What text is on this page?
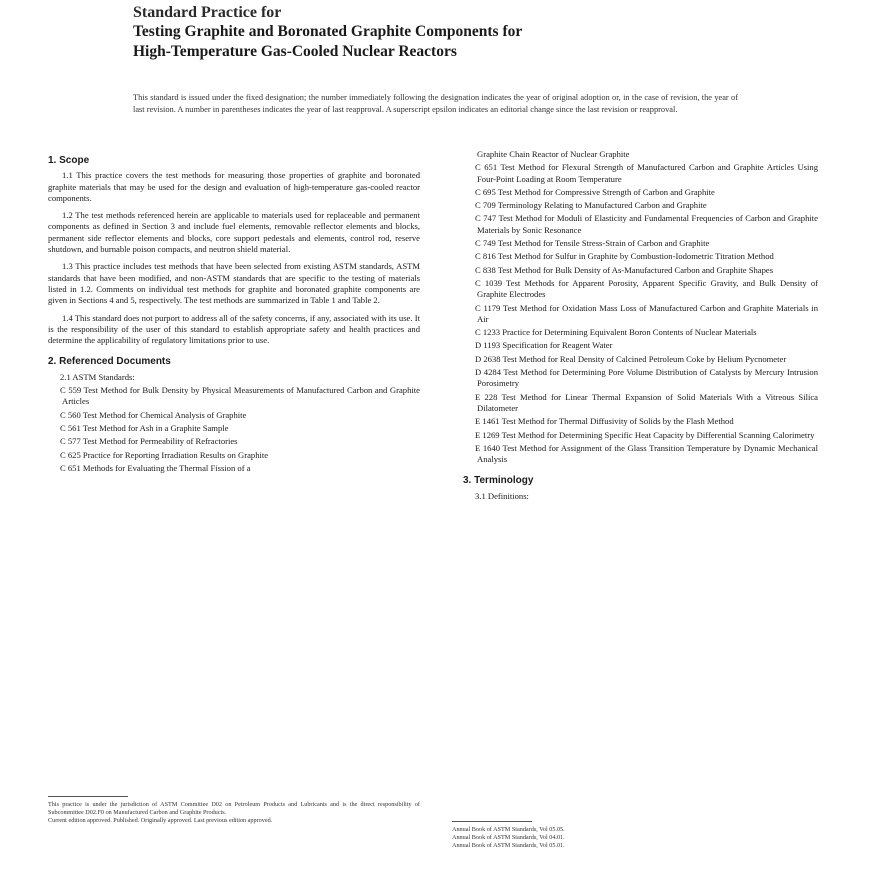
Standard Practice for
Testing Graphite and Boronated Graphite Components for
High-Temperature Gas-Cooled Nuclear Reactors
This standard is issued under the fixed designation; the number immediately following the designation indicates the year of original adoption or, in the case of revision, the year of last revision. A number in parentheses indicates the year of last reapproval. A superscript epsilon indicates an editorial change since the last revision or reapproval.
1. Scope

1.1 This practice covers the test methods for measuring those properties of graphite and boronated graphite materials that may be used for the design and evaluation of high-temperature gas-cooled reactor components.

1.2 The test methods referenced herein are applicable to materials used for replaceable and permanent components as defined in Section 3 and include fuel elements, removable reflector elements and blocks, permanent side reflector elements and blocks, core support pedestals and elements, control rod, reserve shutdown, and burnable poison compacts, and neutron shield material.

1.3 This practice includes test methods that have been selected from existing ASTM standards, ASTM standards that have been modified, and non-ASTM standards that are specific to the testing of materials listed in 1.2. Comments on individual test methods for graphite and boronated graphite components are given in Sections 4 and 5, respectively. The test methods are summarized in Table 1 and Table 2.

1.4 This standard does not purport to address all of the safety concerns, if any, associated with its use. It is the responsibility of the user of this standard to establish appropriate safety and health practices and determine the applicability of regulatory limitations prior to use.

2. Referenced Documents
2.1 ASTM Standards:
C 559 Test Method for Bulk Density by Physical Measurements of Manufactured Carbon and Graphite Articles
C 560 Test Method for Chemical Analysis of Graphite
C 561 Test Method for Ash in a Graphite Sample
C 577 Test Method for Permeability of Refractories
C 625 Practice for Reporting Irradiation Results on Graphite
C 651 Methods for Evaluating the Thermal Fission of a
This practice is under the jurisdiction of ASTM Committee D02 on Petroleum Products and Lubricants and is the direct responsibility of Subcommittee D02.F0 on Manufactured Carbon and Graphite Products.
Current edition approved. Published. Originally approved. Last previous edition approved.
Graphite Chain Reactor of Nuclear Graphite
C 651 Test Method for Flexural Strength of Manufactured Carbon and Graphite Articles Using Four-Point Loading at Room Temperature
C 695 Test Method for Compressive Strength of Carbon and Graphite
C 709 Terminology Relating to Manufactured Carbon and Graphite
C 747 Test Method for Moduli of Elasticity and Fundamental Frequencies of Carbon and Graphite Materials by Sonic Resonance
C 749 Test Method for Tensile Stress-Strain of Carbon and Graphite
C 816 Test Method for Sulfur in Graphite by Combustion-Iodometric Titration Method
C 838 Test Method for Bulk Density of As-Manufactured Carbon and Graphite Shapes
C 1039 Test Methods for Apparent Porosity, Apparent Specific Gravity, and Bulk Density of Graphite Electrodes
C 1179 Test Method for Oxidation Mass Loss of Manufactured Carbon and Graphite Materials in Air
C 1233 Practice for Determining Equivalent Boron Contents of Nuclear Materials
D 1193 Specification for Reagent Water
D 2638 Test Method for Real Density of Calcined Petroleum Coke by Helium Pycnometer
D 4284 Test Method for Determining Pore Volume Distribution of Catalysts by Mercury Intrusion Porosimetry
E 228 Test Method for Linear Thermal Expansion of Solid Materials With a Vitreous Silica Dilatometer
E 1461 Test Method for Thermal Diffusivity of Solids by the Flash Method
E 1269 Test Method for Determining Specific Heat Capacity by Differential Scanning Calorimetry
E 1640 Test Method for Assignment of the Glass Transition Temperature by Dynamic Mechanical Analysis
3. Terminology
3.1 Definitions:
Annual Book of ASTM Standards, Vol 05.05.
Annual Book of ASTM Standards, Vol 04.01.
Annual Book of ASTM Standards, Vol 05.01.
